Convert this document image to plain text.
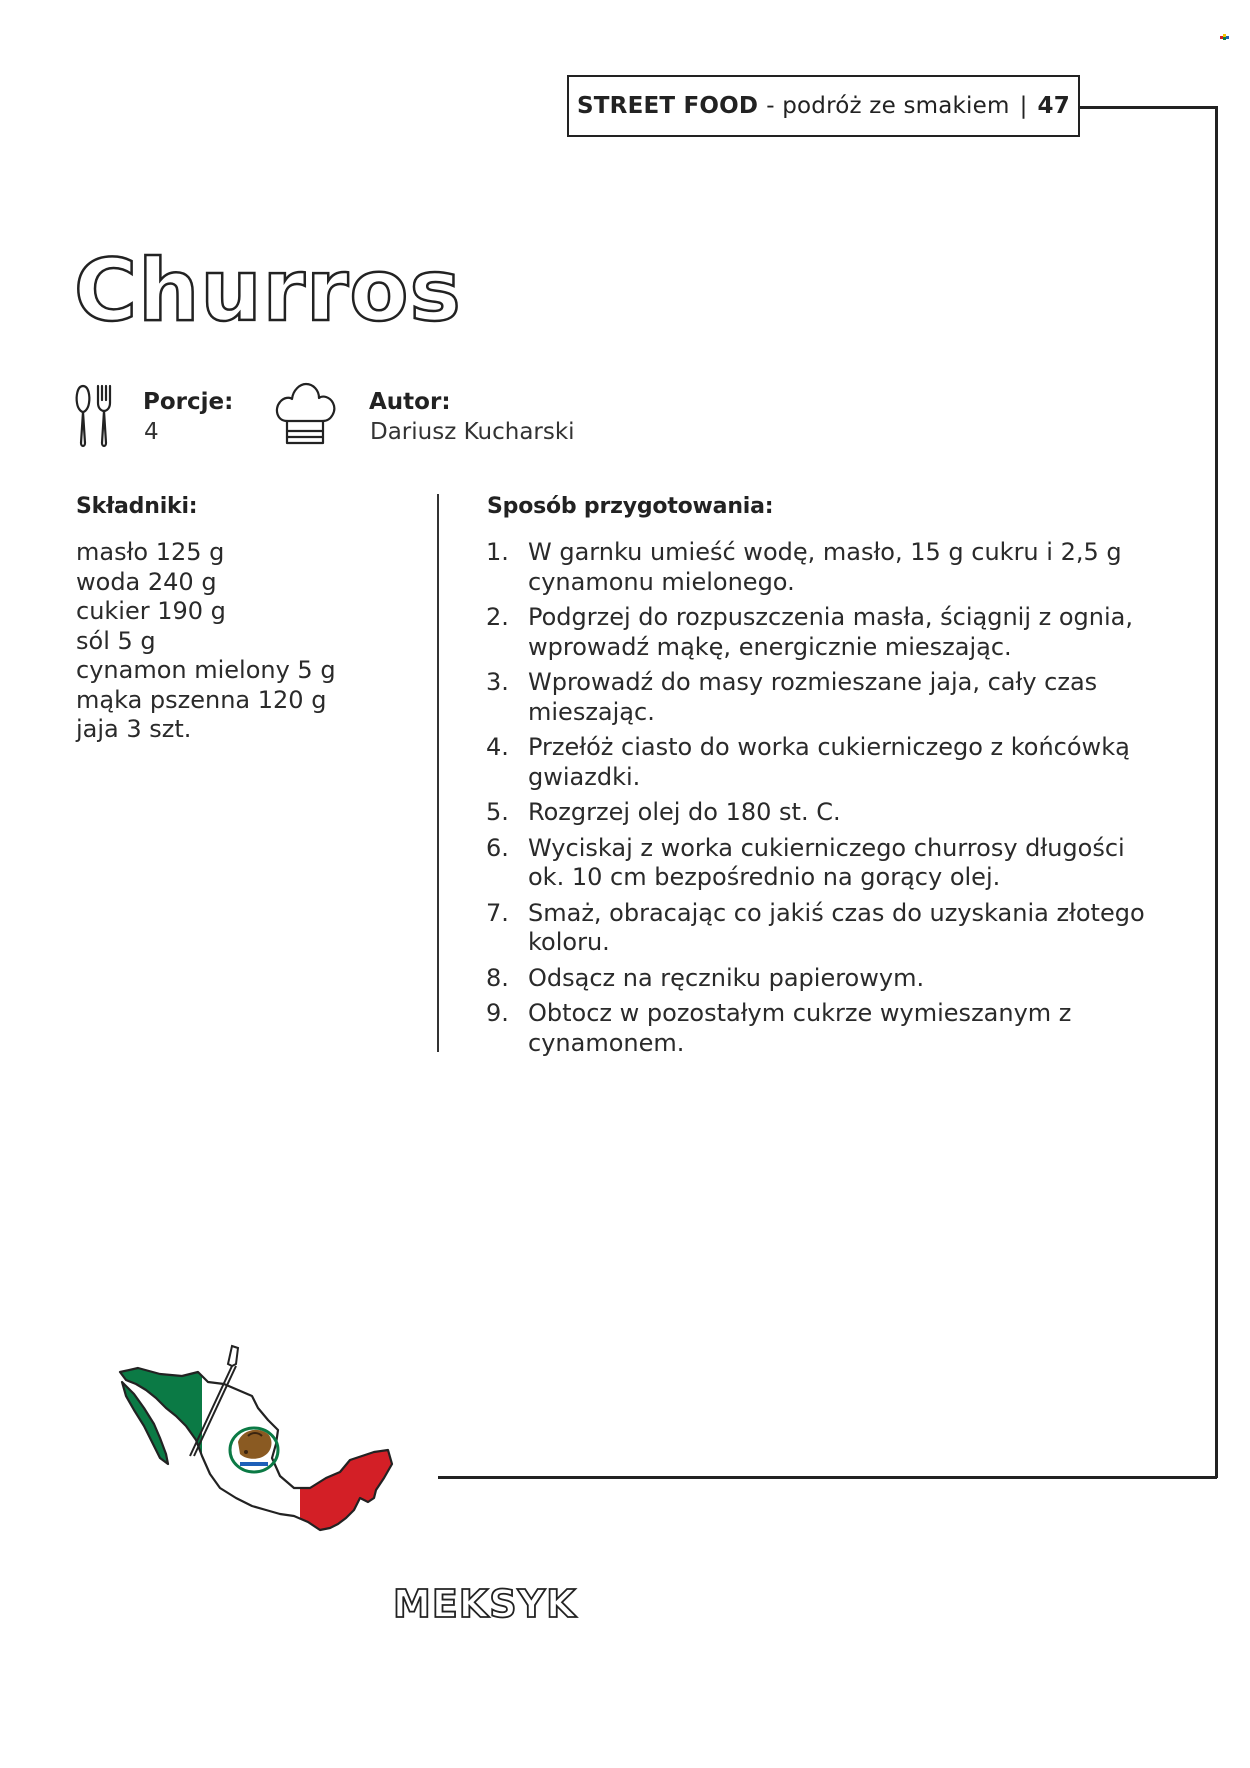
STREET FOOD - podróż ze smakiem | 47
Churros
Porcje:
4
Autor:
Dariusz Kucharski
Składniki:
masło 125 g
woda 240 g
cukier 190 g
sól 5 g
cynamon mielony 5 g
mąka pszenna 120 g
jaja 3 szt.
Sposób przygotowania:
1. W garnku umieść wodę, masło, 15 g cukru i 2,5 g cynamonu mielonego.
2. Podgrzej do rozpuszczenia masła, ściągnij z ognia, wprowadź mąkę, energicznie mieszając.
3. Wprowadź do masy rozmieszane jaja, cały czas mieszając.
4. Przełóż ciasto do worka cukierniczego z końcówką gwiazdki.
5. Rozgrzej olej do 180 st. C.
6. Wyciskaj z worka cukierniczego churrosy długości ok. 10 cm bezpośrednio na gorący olej.
7. Smaż, obracając co jakiś czas do uzyskania złotego koloru.
8. Odsącz na ręczniku papierowym.
9. Obtocz w pozostałym cukrze wymieszanym z cynamonem.
MEKSYK
